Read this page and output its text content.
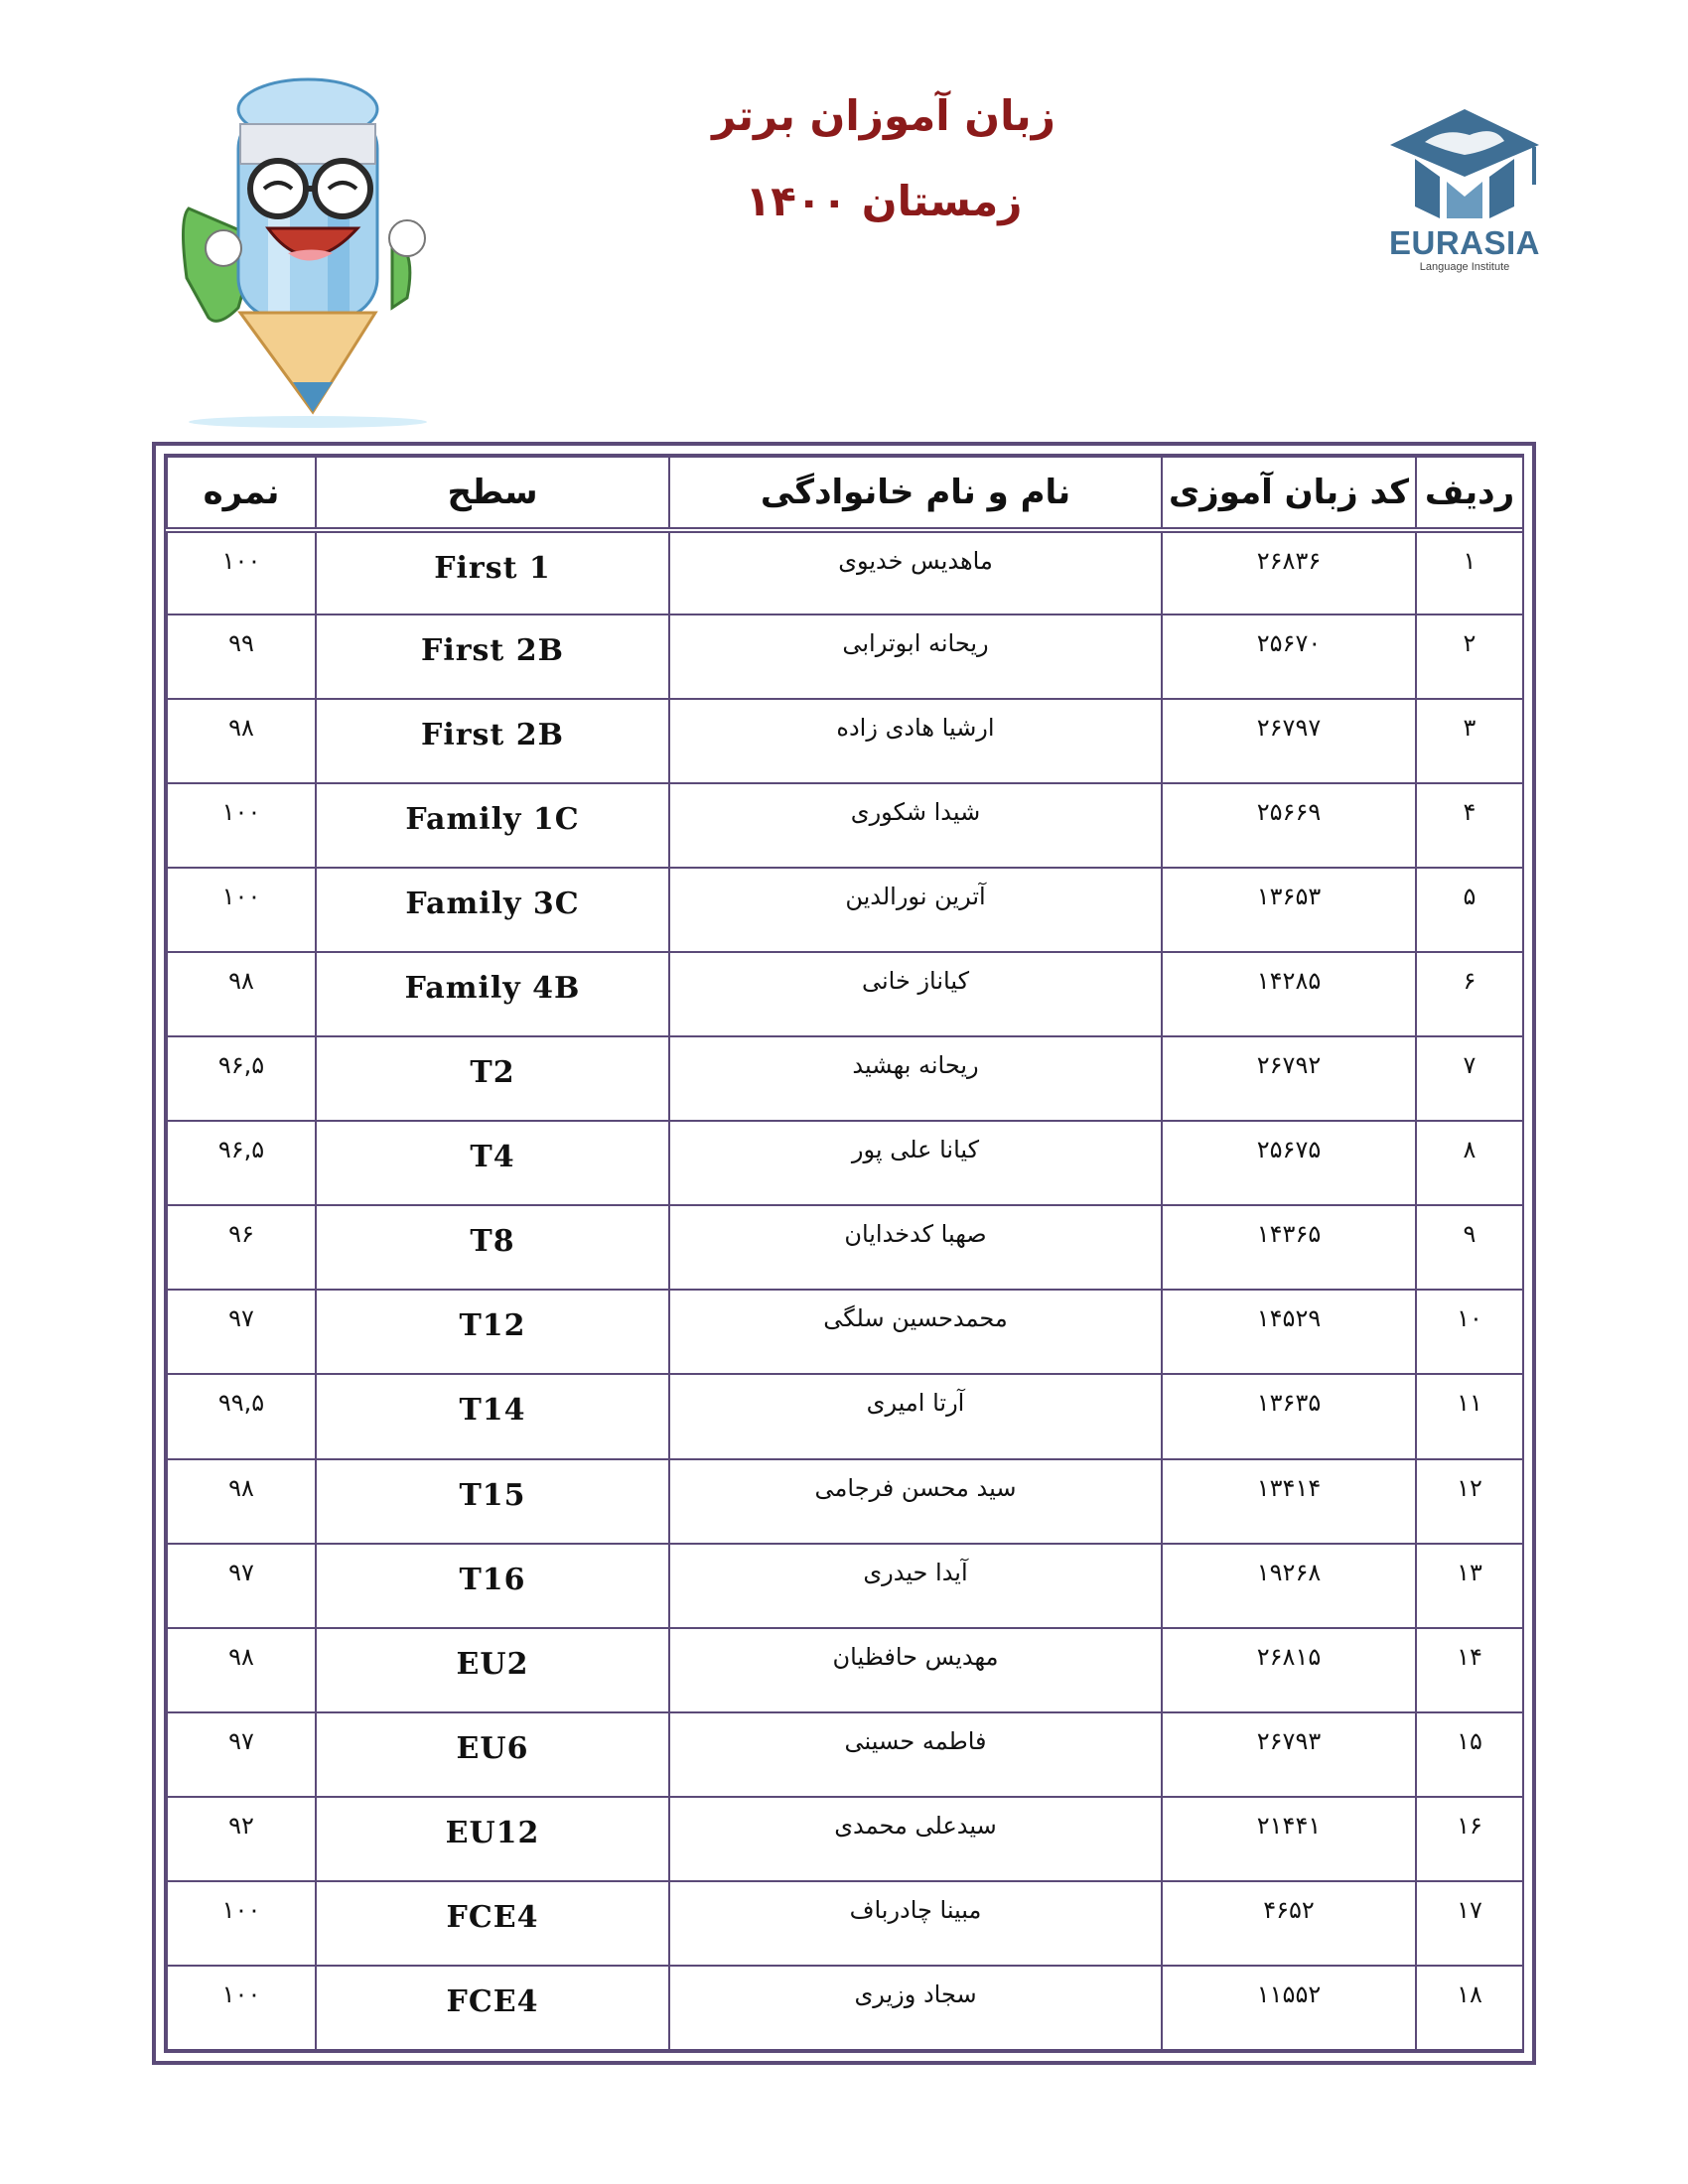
زبان آموزان برتر
زمستان ۱۴۰۰
EURASIA
Language Institute
ردیف	کد زبان آموزی	نام و نام خانوادگی	سطح	نمره
۱	۲۶۸۳۶	ماهدیس خدیوی	First 1	۱۰۰
۲	۲۵۶۷۰	ریحانه ابوترابی	First 2B	۹۹
۳	۲۶۷۹۷	ارشیا هادی زاده	First 2B	۹۸
۴	۲۵۶۶۹	شیدا شکوری	Family 1C	۱۰۰
۵	۱۳۶۵۳	آترین نورالدین	Family 3C	۱۰۰
۶	۱۴۲۸۵	کیاناز خانی	Family 4B	۹۸
۷	۲۶۷۹۲	ریحانه بهشید	T2	۹۶,۵
۸	۲۵۶۷۵	کیانا علی پور	T4	۹۶,۵
۹	۱۴۳۶۵	صهبا کدخدایان	T8	۹۶
۱۰	۱۴۵۲۹	محمدحسین سلگی	T12	۹۷
۱۱	۱۳۶۳۵	آرتا امیری	T14	۹۹,۵
۱۲	۱۳۴۱۴	سید محسن فرجامی	T15	۹۸
۱۳	۱۹۲۶۸	آیدا حیدری	T16	۹۷
۱۴	۲۶۸۱۵	مهدیس حافظیان	EU2	۹۸
۱۵	۲۶۷۹۳	فاطمه حسینی	EU6	۹۷
۱۶	۲۱۴۴۱	سیدعلی محمدی	EU12	۹۲
۱۷	۴۶۵۲	مبینا چادرباف	FCE4	۱۰۰
۱۸	۱۱۵۵۲	سجاد وزیری	FCE4	۱۰۰
